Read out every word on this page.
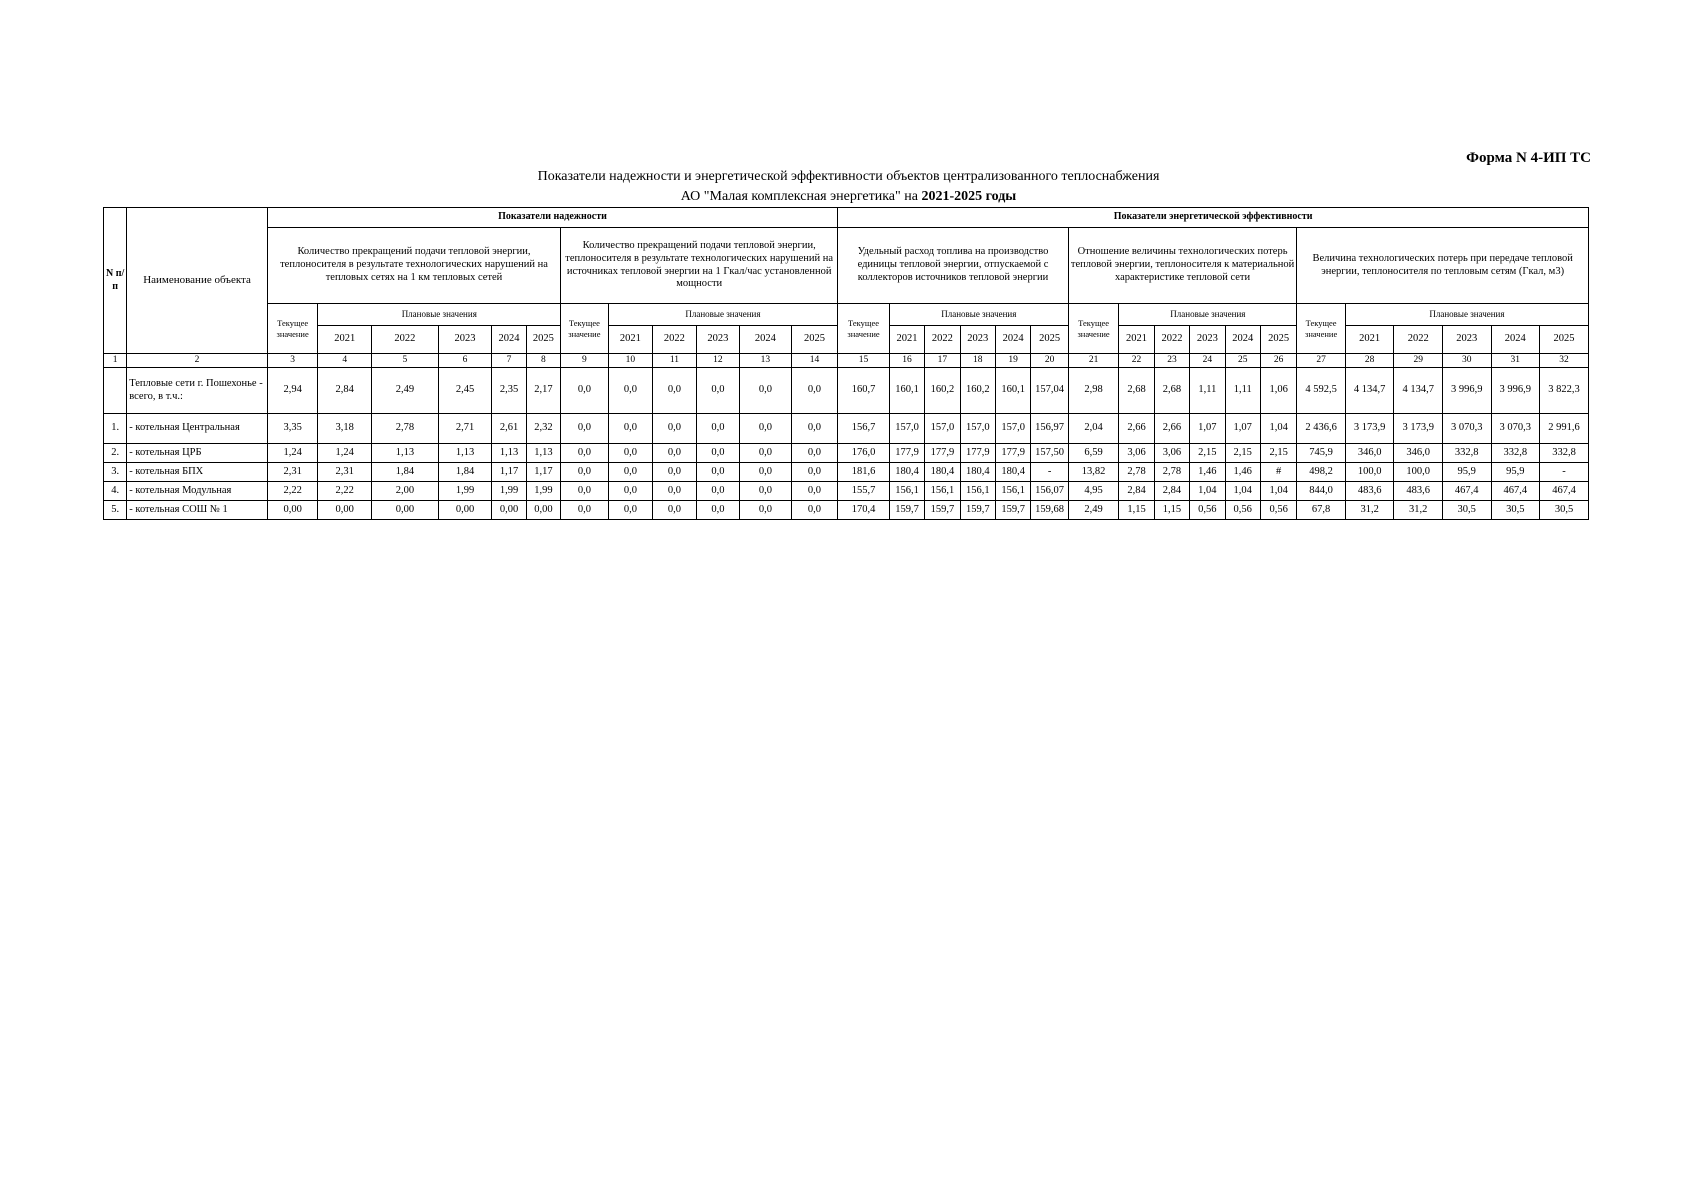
Форма N 4-ИП ТС
Показатели надежности и энергетической эффективности объектов централизованного теплоснабжения
АО "Малая комплексная энергетика" на 2021-2025 годы
N п/п	Наименование объекта	Показатели надежности												Показатели энергетической эффективности																	
		Количество прекращений подачи тепловой энергии, теплоносителя в результате технологических нарушений на тепловых сетях на 1 км тепловых сетей						Количество прекращений подачи тепловой энергии, теплоносителя в результате технологических нарушений на источниках тепловой энергии на 1 Гкал/час установленной мощности						Удельный расход топлива на производство единицы тепловой энергии, отпускаемой с коллекторов источников тепловой энергии						Отношение величины технологических потерь тепловой энергии, теплоносителя к материальной характеристике тепловой сети						Величина технологических потерь при передаче тепловой энергии, теплоносителя по тепловым сетям (Гкал, м3)					
		Текущее значение	Плановые значения					Текущее значение	Плановые значения					Текущее значение	Плановые значения					Текущее значение	Плановые значения					Текущее значение	Плановые значения				
			2021	2022	2023	2024	2025		2021	2022	2023	2024	2025		2021	2022	2023	2024	2025		2021	2022	2023	2024	2025		2021	2022	2023	2024	2025
1	2	3	4	5	6	7	8	9	10	11	12	13	14	15	16	17	18	19	20	21	22	23	24	25	26	27	28	29	30	31	32
	Тепловые сети г. Пошехонье - всего, в т.ч.:	2,94	2,84	2,49	2,45	2,35	2,17	0,0	0,0	0,0	0,0	0,0	0,0	160,7	160,1	160,2	160,2	160,1	157,04	2,98	2,68	2,68	1,11	1,11	1,06	4 592,5	4 134,7	4 134,7	3 996,9	3 996,9	3 822,3
1.	- котельная Центральная	3,35	3,18	2,78	2,71	2,61	2,32	0,0	0,0	0,0	0,0	0,0	0,0	156,7	157,0	157,0	157,0	157,0	156,97	2,04	2,66	2,66	1,07	1,07	1,04	2 436,6	3 173,9	3 173,9	3 070,3	3 070,3	2 991,6
2.	- котельная ЦРБ	1,24	1,24	1,13	1,13	1,13	1,13	0,0	0,0	0,0	0,0	0,0	0,0	176,0	177,9	177,9	177,9	177,9	157,50	6,59	3,06	3,06	2,15	2,15	2,15	745,9	346,0	346,0	332,8	332,8	332,8
3.	- котельная БПХ	2,31	2,31	1,84	1,84	1,17	1,17	0,0	0,0	0,0	0,0	0,0	0,0	181,6	180,4	180,4	180,4	180,4	-	13,82	2,78	2,78	1,46	1,46	#	498,2	100,0	100,0	95,9	95,9	-
4.	- котельная Модульная	2,22	2,22	2,00	1,99	1,99	1,99	0,0	0,0	0,0	0,0	0,0	0,0	155,7	156,1	156,1	156,1	156,1	156,07	4,95	2,84	2,84	1,04	1,04	1,04	844,0	483,6	483,6	467,4	467,4	467,4
5.	- котельная СОШ № 1	0,00	0,00	0,00	0,00	0,00	0,00	0,0	0,0	0,0	0,0	0,0	0,0	170,4	159,7	159,7	159,7	159,7	159,68	2,49	1,15	1,15	0,56	0,56	0,56	67,8	31,2	31,2	30,5	30,5	30,5
